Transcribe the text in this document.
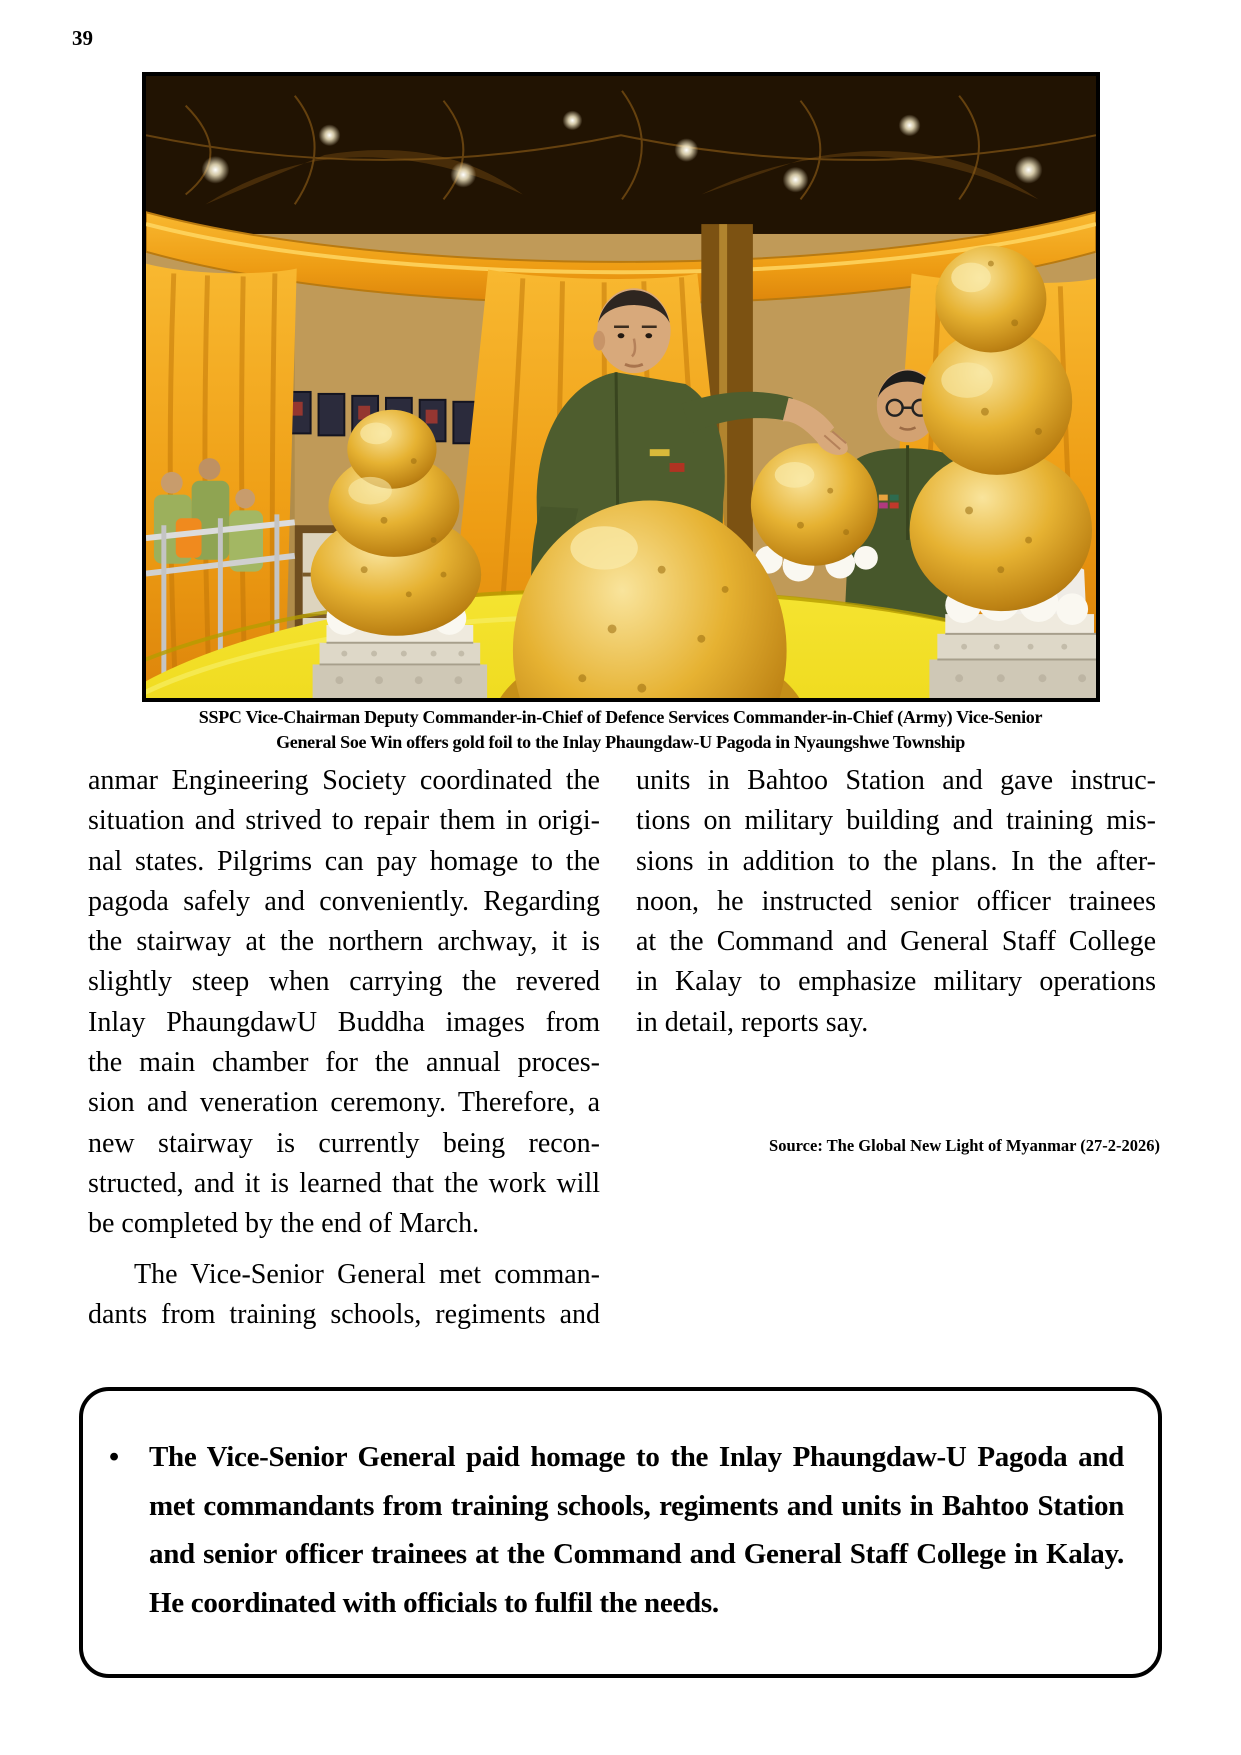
39
SSPC Vice-Chairman Deputy Commander-in-Chief of Defence Services Commander-in-Chief (Army) Vice-Senior
General Soe Win offers gold foil to the Inlay Phaungdaw-U Pagoda in Nyaungshwe Township
anmar Engineering Society coordinated the
situation and strived to repair them in origi-
nal states. Pilgrims can pay homage to the
pagoda safely and conveniently. Regarding
the stairway at the northern archway, it is
slightly steep when carrying the revered
Inlay PhaungdawU Buddha images from
the main chamber for the annual proces-
sion and veneration ceremony. Therefore, a
new stairway is currently being recon-
structed, and it is learned that the work will
be completed by the end of March.
The Vice-Senior General met comman-
dants from training schools, regiments and
units in Bahtoo Station and gave instruc-
tions on military building and training mis-
sions in addition to the plans. In the after-
noon, he instructed senior officer trainees
at the Command and General Staff College
in Kalay to emphasize military operations
in detail, reports say.
Source: The Global New Light of Myanmar (27-2-2026)
•	The Vice-Senior General paid homage to the Inlay Phaungdaw-U Pagoda and
met commandants from training schools, regiments and units in Bahtoo Station
and senior officer trainees at the Command and General Staff College in Kalay.
He coordinated with officials to fulfil the needs.
